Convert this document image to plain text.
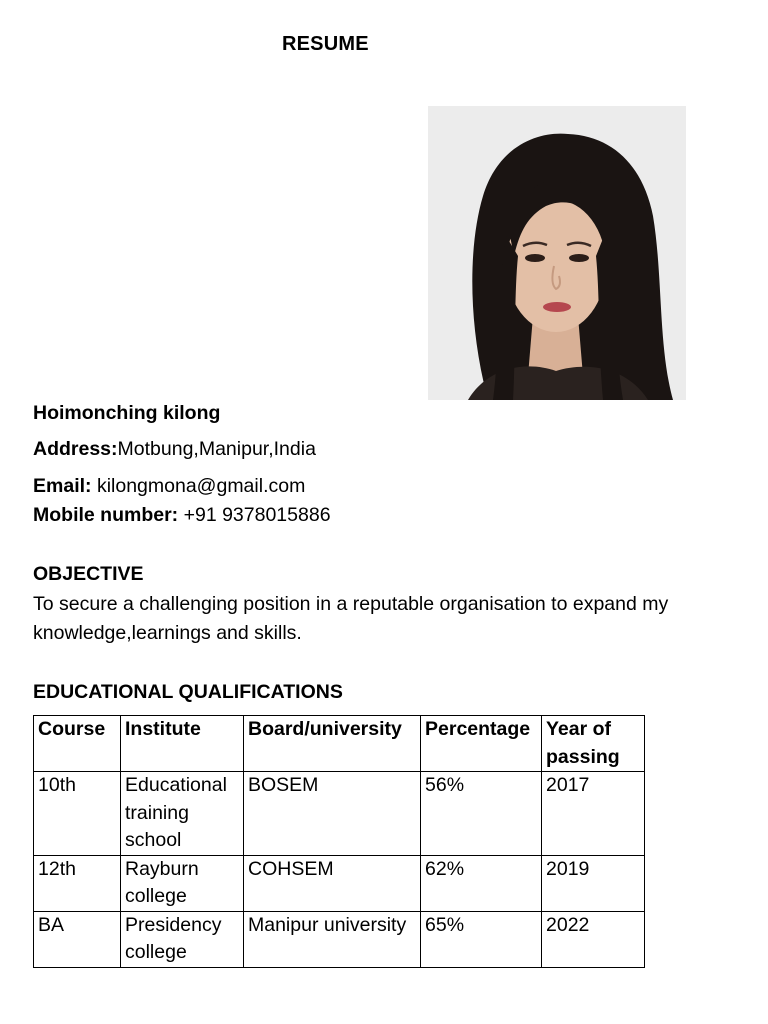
RESUME
Hoimonching kilong
Address:Motbung,Manipur,India
Email: kilongmona@gmail.com
Mobile number: +91 9378015886
OBJECTIVE
To secure a challenging position in a reputable organisation to expand my knowledge,learnings and skills.
EDUCATIONAL QUALIFICATIONS
Course	Institute	Board/university	Percentage	Year of passing
10th	Educational training school	BOSEM	56%	2017
12th	Rayburn college	COHSEM	62%	2019
BA	Presidency college	Manipur university	65%	2022
